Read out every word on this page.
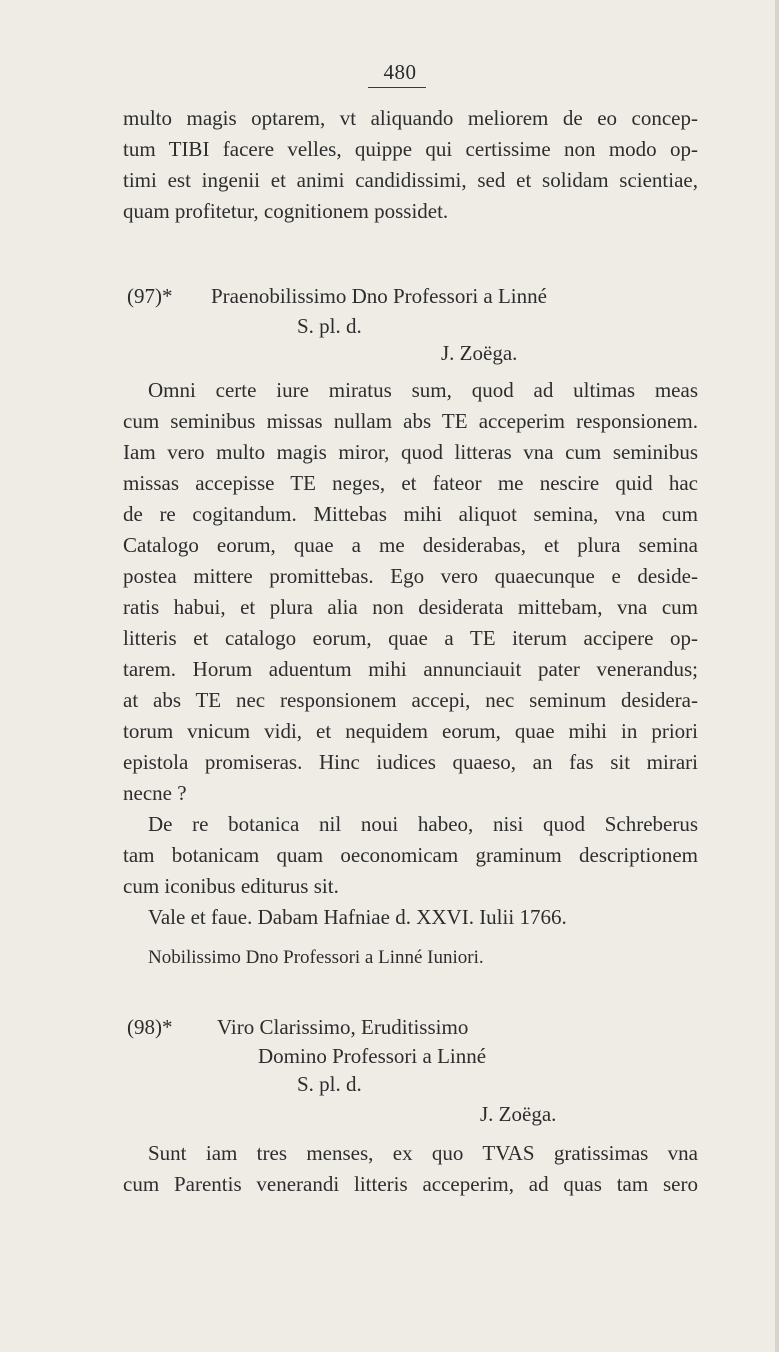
480
multo magis optarem, vt aliquando meliorem de eo concep-
tum TIBI facere velles, quippe qui certissime non modo op-
timi est ingenii et animi candidissimi, sed et solidam scientiae,
quam profitetur, cognitionem possidet.
(97)* Praenobilissimo Dno Professori a Linné
S. pl. d.
J. Zoëga.
Omni certe iure miratus sum, quod ad ultimas meas
cum seminibus missas nullam abs TE acceperim responsionem.
Iam vero multo magis miror, quod litteras vna cum seminibus
missas accepisse TE neges, et fateor me nescire quid hac
de re cogitandum. Mittebas mihi aliquot semina, vna cum
Catalogo eorum, quae a me desiderabas, et plura semina
postea mittere promittebas. Ego vero quaecunque e deside-
ratis habui, et plura alia non desiderata mittebam, vna cum
litteris et catalogo eorum, quae a TE iterum accipere op-
tarem. Horum aduentum mihi annunciauit pater venerandus;
at abs TE nec responsionem accepi, nec seminum desidera-
torum vnicum vidi, et nequidem eorum, quae mihi in priori
epistola promiseras. Hinc iudices quaeso, an fas sit mirari
necne ?
De re botanica nil noui habeo, nisi quod Schreberus
tam botanicam quam oeconomicam graminum descriptionem
cum iconibus editurus sit.
Vale et faue. Dabam Hafniae d. XXVI. Iulii 1766.
Nobilissimo Dno Professori a Linné Iuniori.
(98)* Viro Clarissimo, Eruditissimo
Domino Professori a Linné
S. pl. d.
J. Zoëga.
Sunt iam tres menses, ex quo TVAS gratissimas vna
cum Parentis venerandi litteris acceperim, ad quas tam sero
